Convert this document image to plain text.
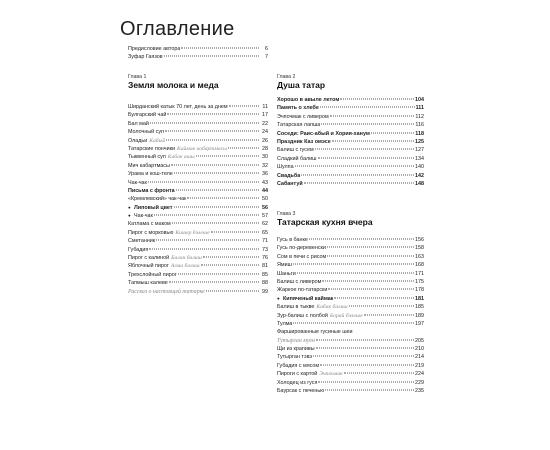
Оглавление
Предисловие автора	6
Зуфар Гаязов	7
Глава 1
Земля молока и меда
Ширданский катык 70 лет, день за днем	11
Булгарский чай	17
Бал май	22
Молочный суп	24
Оладьи Кабый	26
Татарские пончики Каймак кабартмасы	28
Тыквенный суп Кабак ашы	30
Мич кабартмасы	32
Урама и кош-теле	36
Чак-чак	43
Письма с фронта	44
«Кремлевский» чак-чак	50
●Липовый цвет	56
●Чак-чак	57
Катлама с маком	62
Пирог с морковью Кишер бэлеше	65
Сметанник	71
Губадия	73
Пирог с калиной Балан балиш	76
Яблочный пирог Алма балиш	81
Трехслойный пирог	85
Тапмыш калеве	88
Рассказ о настоящей татарке	99
Глава 2
Душа татар
Хорошо в авыле летом	104
Память о хлебе	111
Эчпочмак с ливером	112
Татарская лапша	116
Соседи: Раис-абый и Хория-ханум	118
Праздник Каз омэсе	125
Балиш с гусем	127
Сладкий балиш	134
Шулпа	140
Свадьба	142
Сабантуй	148
Глава 3
Татарская кухня вчера
Гусь в банке	156
Гусь по-деревенски	158
Сом в печи с рисом	163
Ямиш	168
Шаньги	171
Балиш с ливером	175
Жаркое по-татарски	178
●Кипяченый каймак	181
Балиш в тыкве Кабак балиш	185
Зур-балиш с полбой Борай бэлеше	189
Тулма	197
Фаршированные гусиные шеи
Тутырган муен	205
Щи из крапивы	210
Тутырган тэвэ	214
Губадия с мясом	219
Пироги с картой Эчпочмак	224
Холодец из гуся	229
Баурсак с печенью	235
